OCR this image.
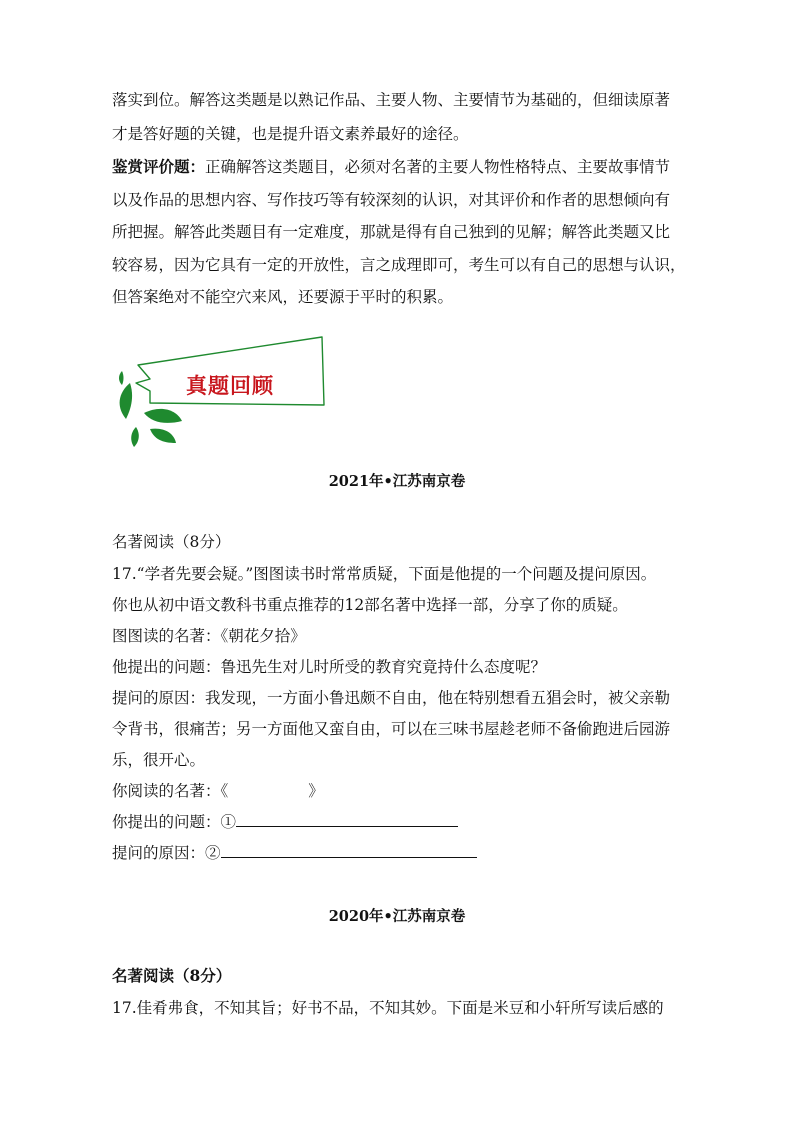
落实到位。解答这类题是以熟记作品、主要人物、主要情节为基础的，但细读原著
才是答好题的关键，也是提升语文素养最好的途径。
鉴赏评价题：正确解答这类题目，必须对名著的主要人物性格特点、主要故事情节
以及作品的思想内容、写作技巧等有较深刻的认识，对其评价和作者的思想倾向有
所把握。解答此类题目有一定难度，那就是得有自己独到的见解；解答此类题又比
较容易，因为它具有一定的开放性，言之成理即可，考生可以有自己的思想与认识，
但答案绝对不能空穴来风，还要源于平时的积累。
真题回顾
2021年•江苏南京卷
名著阅读（8分）
17.“学者先要会疑。”图图读书时常常质疑，下面是他提的一个问题及提问原因。
你也从初中语文教科书重点推荐的12部名著中选择一部，分享了你的质疑。
图图读的名著：《朝花夕拾》
他提出的问题：鲁迅先生对儿时所受的教育究竟持什么态度呢？
提问的原因：我发现，一方面小鲁迅颇不自由，他在特别想看五猖会时，被父亲勒
令背书，很痛苦；另一方面他又蛮自由，可以在三味书屋趁老师不备偷跑进后园游
乐，很开心。
你阅读的名著：《	》
你提出的问题：①
提问的原因：②
2020年•江苏南京卷
名著阅读（8分）
17.佳肴弗食，不知其旨；好书不品，不知其妙。下面是米豆和小轩所写读后感的
